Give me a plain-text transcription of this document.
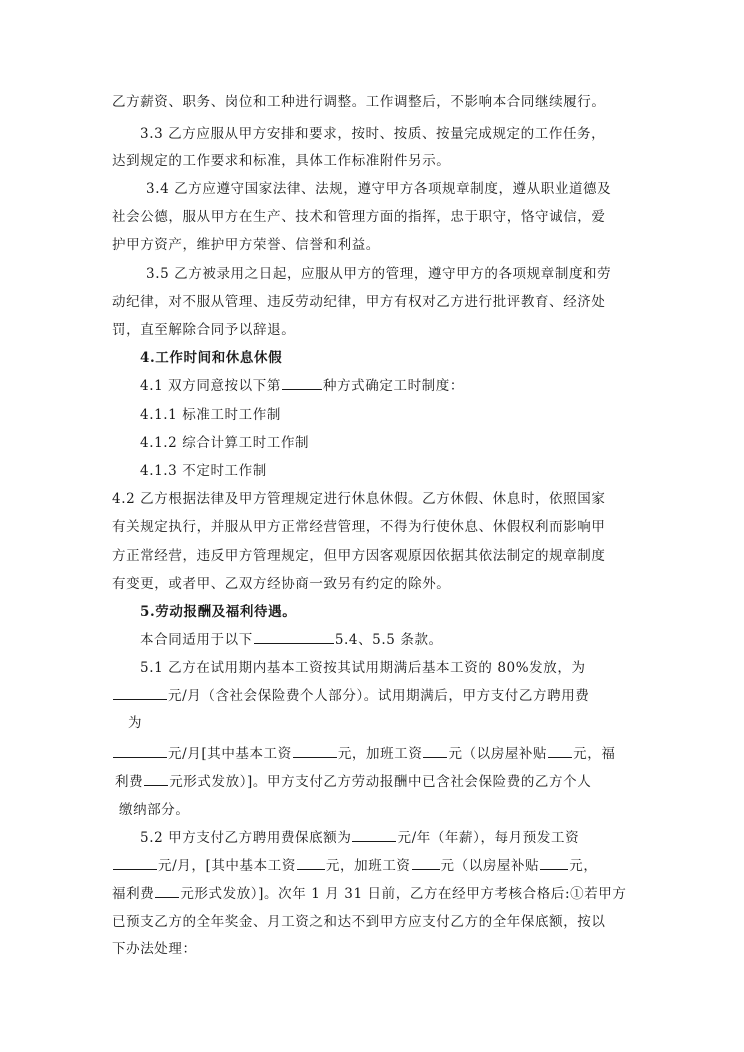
乙方薪资、职务、岗位和工种进行调整。工作调整后，不影响本合同继续履行。
3.3 乙方应服从甲方安排和要求，按时、按质、按量完成规定的工作任务，
达到规定的工作要求和标准，具体工作标准附件另示。
3.4 乙方应遵守国家法律、法规，遵守甲方各项规章制度，遵从职业道德及
社会公德，服从甲方在生产、技术和管理方面的指挥，忠于职守，恪守诚信，爱
护甲方资产，维护甲方荣誉、信誉和利益。
3.5 乙方被录用之日起，应服从甲方的管理，遵守甲方的各项规章制度和劳
动纪律，对不服从管理、违反劳动纪律，甲方有权对乙方进行批评教育、经济处
罚，直至解除合同予以辞退。
4.工作时间和休息休假
4.1 双方同意按以下第	种方式确定工时制度：
4.1.1 标准工时工作制
4.1.2 综合计算工时工作制
4.1.3 不定时工作制
4.2 乙方根据法律及甲方管理规定进行休息休假。乙方休假、休息时，依照国家
有关规定执行，并服从甲方正常经营管理，不得为行使休息、休假权利而影响甲
方正常经营，违反甲方管理规定，但甲方因客观原因依据其依法制定的规章制度
有变更，或者甲、乙双方经协商一致另有约定的除外。
5.劳动报酬及福利待遇。
本合同适用于以下	5.4、5.5 条款。
5.1 乙方在试用期内基本工资按其试用期满后基本工资的 80%发放，为
元/月（含社会保险费个人部分）。试用期满后，甲方支付乙方聘用费
为
元/月[其中基本工资	元，加班工资 元（以房屋补贴 元，福
利费 元形式发放）]。甲方支付乙方劳动报酬中已含社会保险费的乙方个人
缴纳部分。
5.2 甲方支付乙方聘用费保底额为	元/年（年薪），每月预发工资
元/月，[其中基本工资 元，加班工资 元（以房屋补贴 元，
福利费 元形式发放）]。次年 1 月 31 日前，乙方在经甲方考核合格后:①若甲方
已预支乙方的全年奖金、月工资之和达不到甲方应支付乙方的全年保底额，按以
下办法处理：
